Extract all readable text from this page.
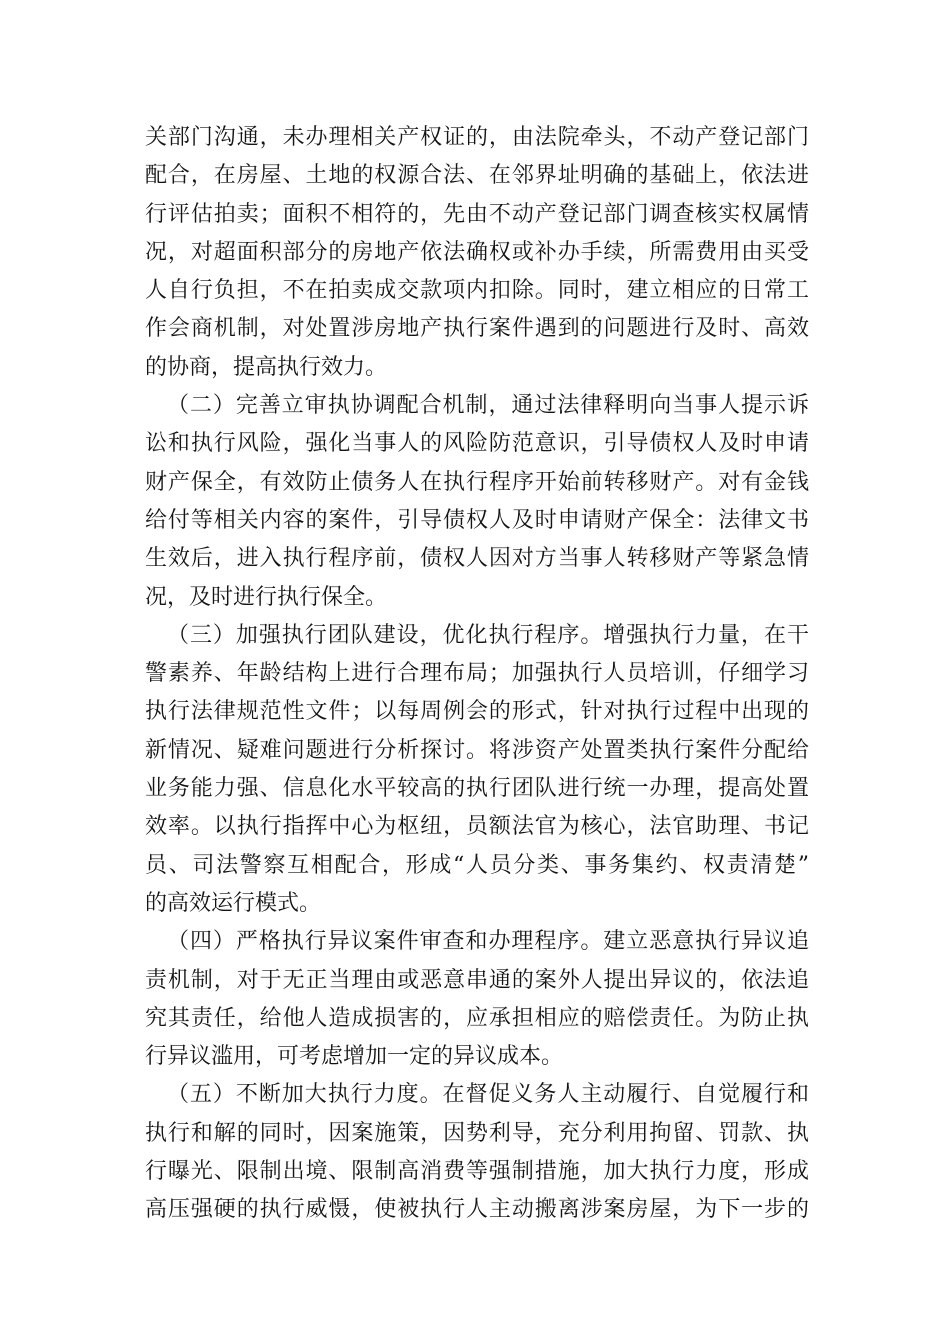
关部门沟通，未办理相关产权证的，由法院牵头，不动产登记部门
配合，在房屋、土地的权源合法、在邻界址明确的基础上，依法进
行评估拍卖；面积不相符的，先由不动产登记部门调查核实权属情
况，对超面积部分的房地产依法确权或补办手续，所需费用由买受
人自行负担，不在拍卖成交款项内扣除。同时，建立相应的日常工
作会商机制，对处置涉房地产执行案件遇到的问题进行及时、高效
的协商，提高执行效力。
（二）完善立审执协调配合机制，通过法律释明向当事人提示诉
讼和执行风险，强化当事人的风险防范意识，引导债权人及时申请
财产保全，有效防止债务人在执行程序开始前转移财产。对有金钱
给付等相关内容的案件，引导债权人及时申请财产保全：法律文书
生效后，进入执行程序前，债权人因对方当事人转移财产等紧急情
况，及时进行执行保全。
（三）加强执行团队建设，优化执行程序。增强执行力量，在干
警素养、年龄结构上进行合理布局；加强执行人员培训，仔细学习
执行法律规范性文件；以每周例会的形式，针对执行过程中出现的
新情况、疑难问题进行分析探讨。将涉资产处置类执行案件分配给
业务能力强、信息化水平较高的执行团队进行统一办理，提高处置
效率。以执行指挥中心为枢纽，员额法官为核心，法官助理、书记
员、司法警察互相配合，形成“人员分类、事务集约、权责清楚”
的高效运行模式。
（四）严格执行异议案件审查和办理程序。建立恶意执行异议追
责机制，对于无正当理由或恶意串通的案外人提出异议的，依法追
究其责任，给他人造成损害的，应承担相应的赔偿责任。为防止执
行异议滥用，可考虑增加一定的异议成本。
（五）不断加大执行力度。在督促义务人主动履行、自觉履行和
执行和解的同时，因案施策，因势利导，充分利用拘留、罚款、执
行曝光、限制出境、限制高消费等强制措施，加大执行力度，形成
高压强硬的执行威慑，使被执行人主动搬离涉案房屋，为下一步的
